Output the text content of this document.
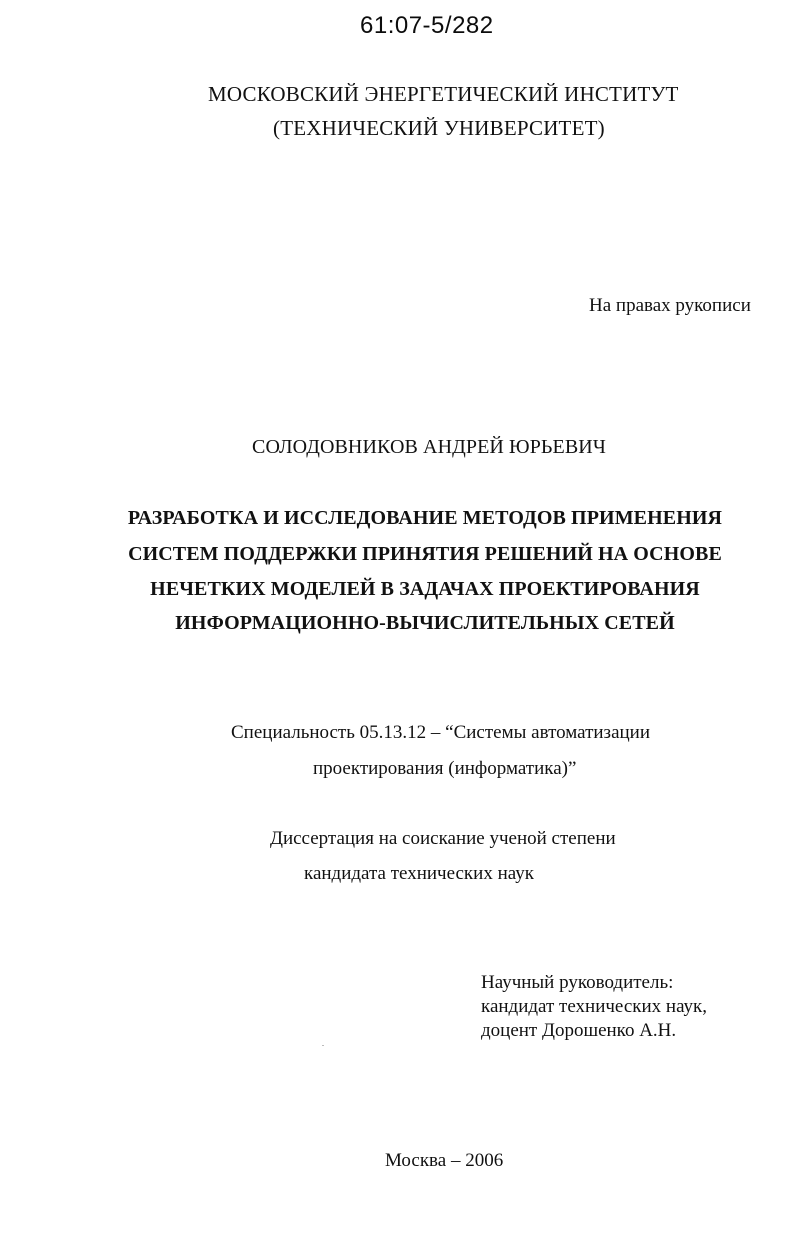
61:07-5/282
МОСКОВСКИЙ ЭНЕРГЕТИЧЕСКИЙ ИНСТИТУТ
(ТЕХНИЧЕСКИЙ УНИВЕРСИТЕТ)
На правах рукописи
СОЛОДОВНИКОВ АНДРЕЙ ЮРЬЕВИЧ
РАЗРАБОТКА И ИССЛЕДОВАНИЕ МЕТОДОВ ПРИМЕНЕНИЯ
СИСТЕМ ПОДДЕРЖКИ ПРИНЯТИЯ РЕШЕНИЙ НА ОСНОВЕ
НЕЧЕТКИХ МОДЕЛЕЙ В ЗАДАЧАХ ПРОЕКТИРОВАНИЯ
ИНФОРМАЦИОННО-ВЫЧИСЛИТЕЛЬНЫХ СЕТЕЙ
Специальность 05.13.12 – “Системы автоматизации
проектирования (информатика)”
Диссертация на соискание ученой степени
кандидата технических наук
Научный руководитель:
кандидат технических наук,
доцент Дорошенко А.Н.
Москва – 2006
